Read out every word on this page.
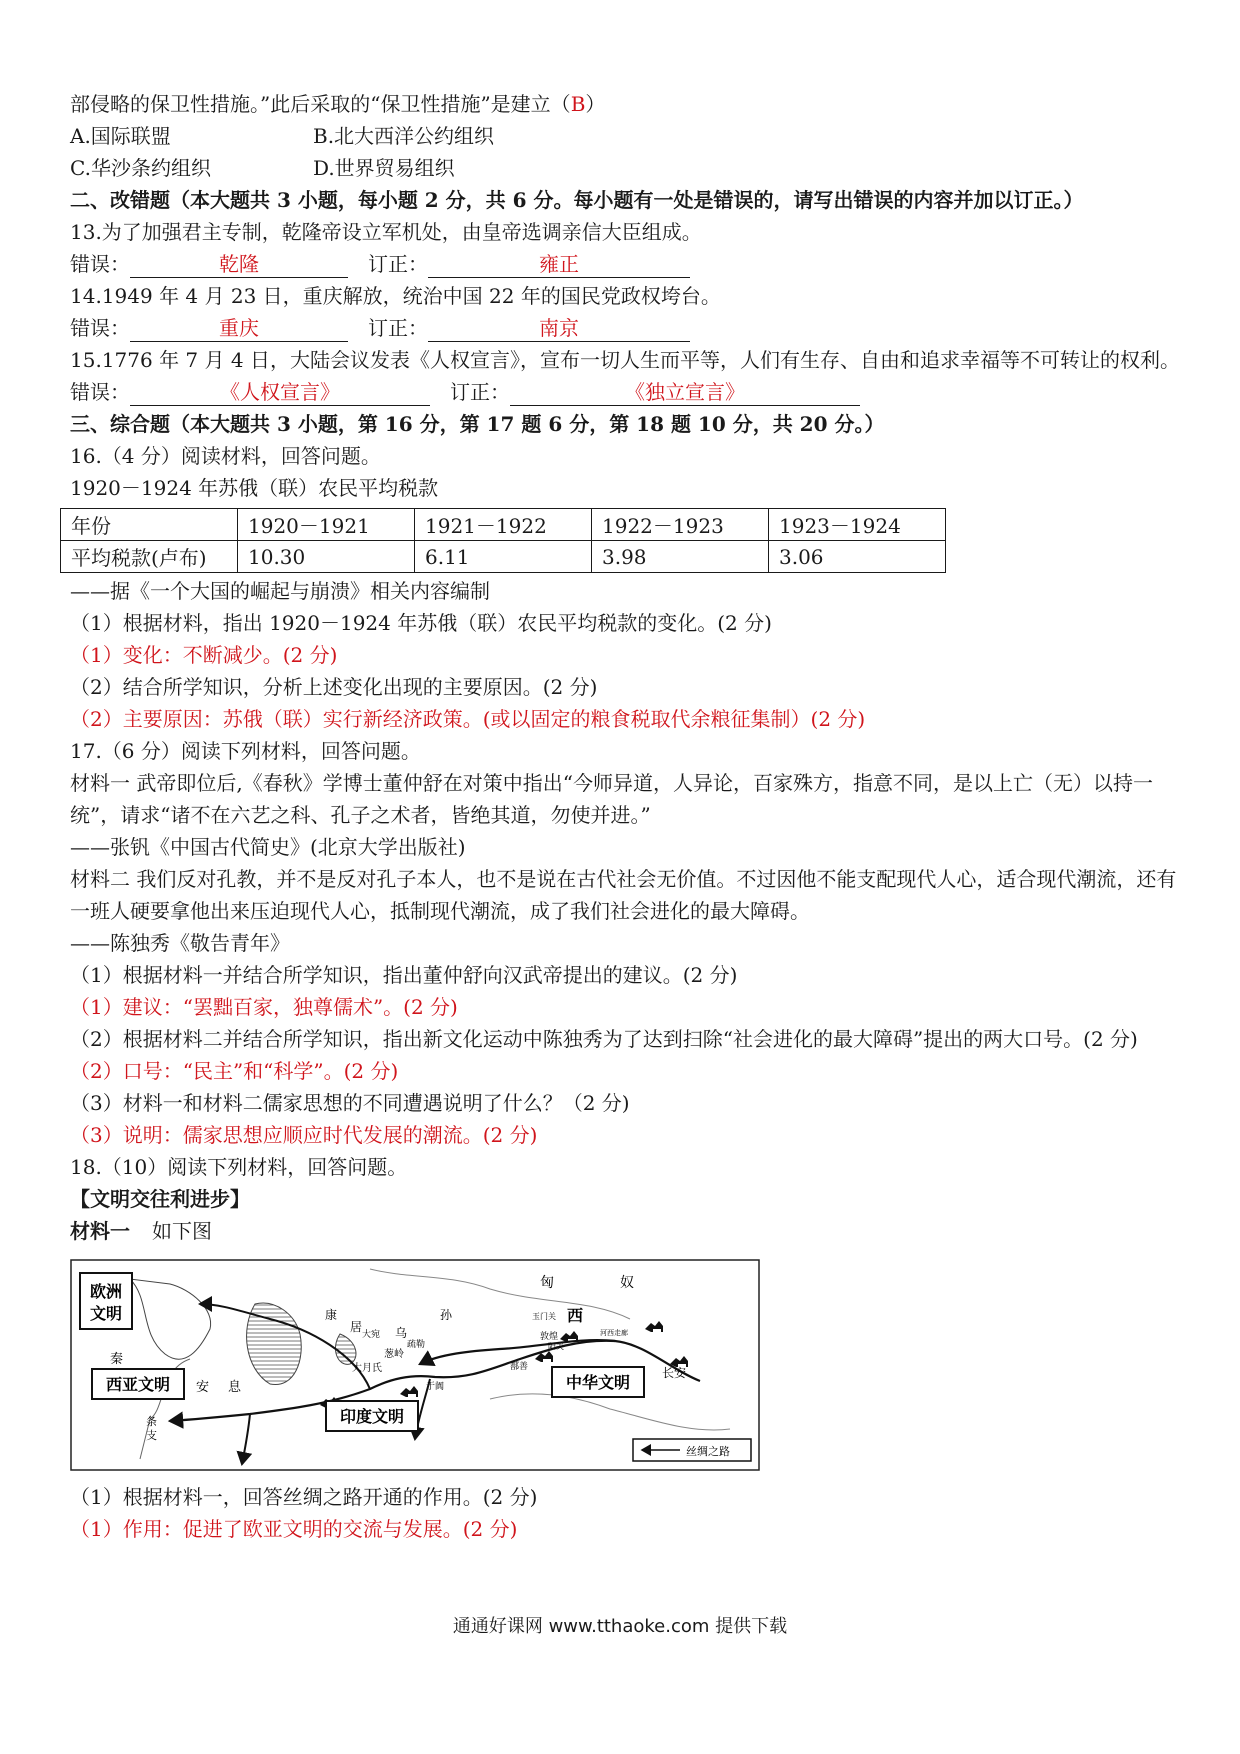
部侵略的保卫性措施。”此后采取的“保卫性措施”是建立（B）
A.国际联盟	B.北大西洋公约组织
C.华沙条约组织	D.世界贸易组织
二、改错题（本大题共 3 小题，每小题 2 分，共 6 分。每小题有一处是错误的，请写出错误的内容并加以订正。）
13.为了加强君主专制，乾隆帝设立军机处，由皇帝选调亲信大臣组成。
错误：	乾隆	订正：	雍正
14.1949 年 4 月 23 日，重庆解放，统治中国 22 年的国民党政权垮台。
错误：	重庆	订正：	南京
15.1776 年 7 月 4 日，大陆会议发表《人权宣言》，宣布一切人生而平等，人们有生存、自由和追求幸福等不可转让的权利。
错误：	《人权宣言》	订正：	《独立宣言》
三、综合题（本大题共 3 小题，第 16 分，第 17 题 6 分，第 18 题 10 分，共 20 分。）
16.（4 分）阅读材料，回答问题。
1920－1924 年苏俄（联）农民平均税款
年份	1920－1921	1921－1922	1922－1923	1923－1924
平均税款(卢布)	10.30	6.11	3.98	3.06
——据《一个大国的崛起与崩溃》相关内容编制
（1）根据材料，指出 1920－1924 年苏俄（联）农民平均税款的变化。(2 分)
（1）变化：不断减少。(2 分)
（2）结合所学知识，分析上述变化出现的主要原因。(2 分)
（2）主要原因：苏俄（联）实行新经济政策。(或以固定的粮食税取代余粮征集制）(2 分)
17.（6 分）阅读下列材料，回答问题。
材料一 武帝即位后,《春秋》学博士董仲舒在对策中指出“今师异道，人异论，百家殊方，指意不同，是以上亡（无）以持一统”，请求“诸不在六艺之科、孔子之术者，皆绝其道，勿使并进。”
——张钒《中国古代简史》(北京大学出版社)
材料二 我们反对孔教，并不是反对孔子本人，也不是说在古代社会无价值。不过因他不能支配现代人心，适合现代潮流，还有一班人硬要拿他出来压迫现代人心，抵制现代潮流，成了我们社会进化的最大障碍。
——陈独秀《敬告青年》
（1）根据材料一并结合所学知识，指出董仲舒向汉武帝提出的建议。(2 分)
（1）建议：“罢黜百家，独尊儒术”。(2 分)
（2）根据材料二并结合所学知识，指出新文化运动中陈独秀为了达到扫除“社会进化的最大障碍”提出的两大口号。(2 分)
（2）口号：“民主”和“科学”。(2 分)
（3）材料一和材料二儒家思想的不同遭遇说明了什么？（2 分)
（3）说明：儒家思想应顺应时代发展的潮流。(2 分)
18.（10）阅读下列材料，回答问题。
【文明交往利进步】
材料一 如下图
欧洲
文明
西亚文明
印度文明
中华文明
匈	奴
康
居	乌
孙
秦
安 息
条
支
大月氏
大宛
疏勒
葱岭
于阗
鄯善
玉门关
阳关
敦煌	河西走廊
西
长安
丝绸之路
（1）根据材料一，回答丝绸之路开通的作用。(2 分)
（1）作用：促进了欧亚文明的交流与发展。(2 分)
通通好课网 www.tthaoke.com 提供下载
